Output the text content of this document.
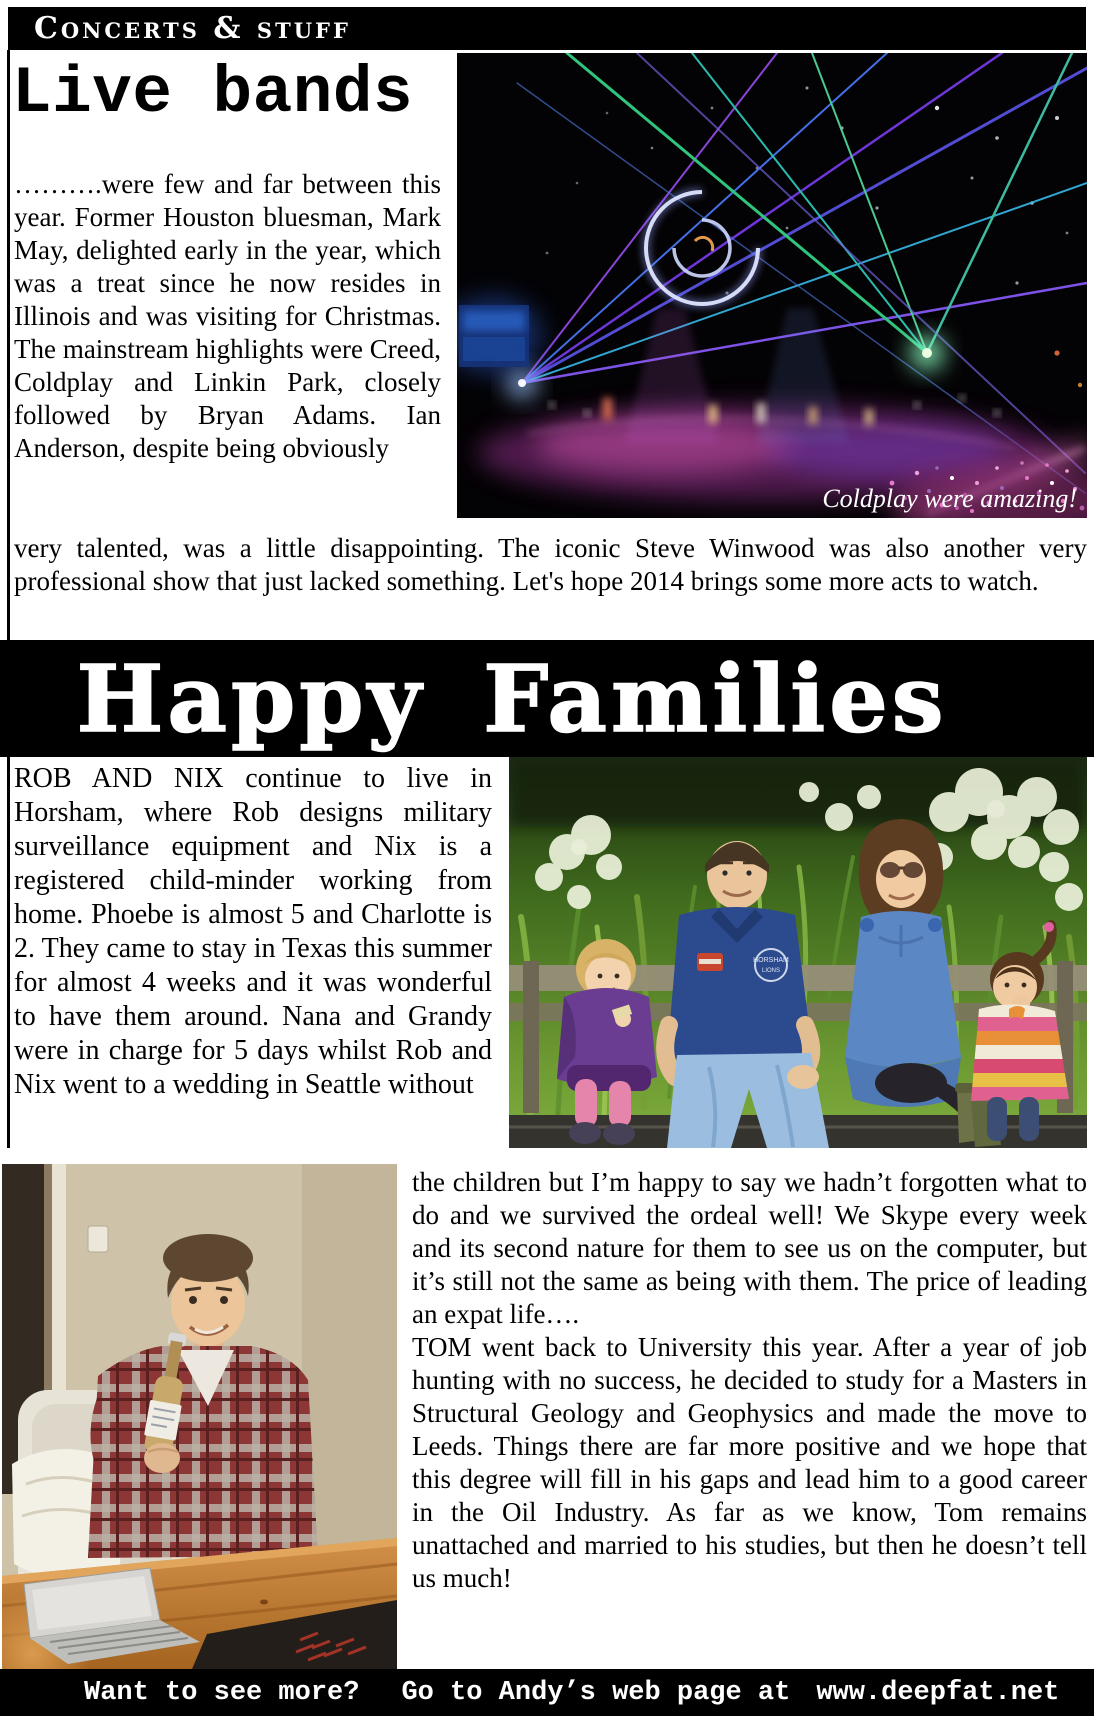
Concerts & stuff
Live bands
Coldplay were amazing!
……….were few and far between this year. Former Houston bluesman, Mark May, delighted early in the year, which was a treat since he now resides in Illinois and was visiting for Christmas. The mainstream highlights were Creed, Coldplay and Linkin Park, closely followed by Bryan Adams. Ian Anderson, despite being obviously
very talented, was a little disappointing. The iconic Steve Winwood was also another very professional show that just lacked something. Let's hope 2014 brings some more acts to watch.
Happy Families
HORSHAM
LIONS
ROB AND NIX continue to live in Horsham, where Rob designs military surveillance equipment and Nix is a registered child-minder working from home. Phoebe is almost 5 and Charlotte is 2. They came to stay in Texas this summer for almost 4 weeks and it was wonderful to have them around. Nana and Grandy were in charge for 5 days whilst Rob and Nix went to a wedding in Seattle without

the children but I’m happy to say we hadn’t forgotten what to do and we survived the ordeal well! We Skype every week and its second nature for them to see us on the computer, but it’s still not the same as being with them. The price of leading an expat life….

TOM went back to University this year. After a year of job hunting with no success, he decided to study for a Masters in Structural Geology and Geophysics and made the move to Leeds. Things there are far more positive and we hope that this degree will fill in his gaps and lead him to a good career in the Oil Industry. As far as we know, Tom remains unattached and married to his studies, but then he doesn’t tell us much!

Want to see more? Go to Andy’s web page at www.deepfat.net
